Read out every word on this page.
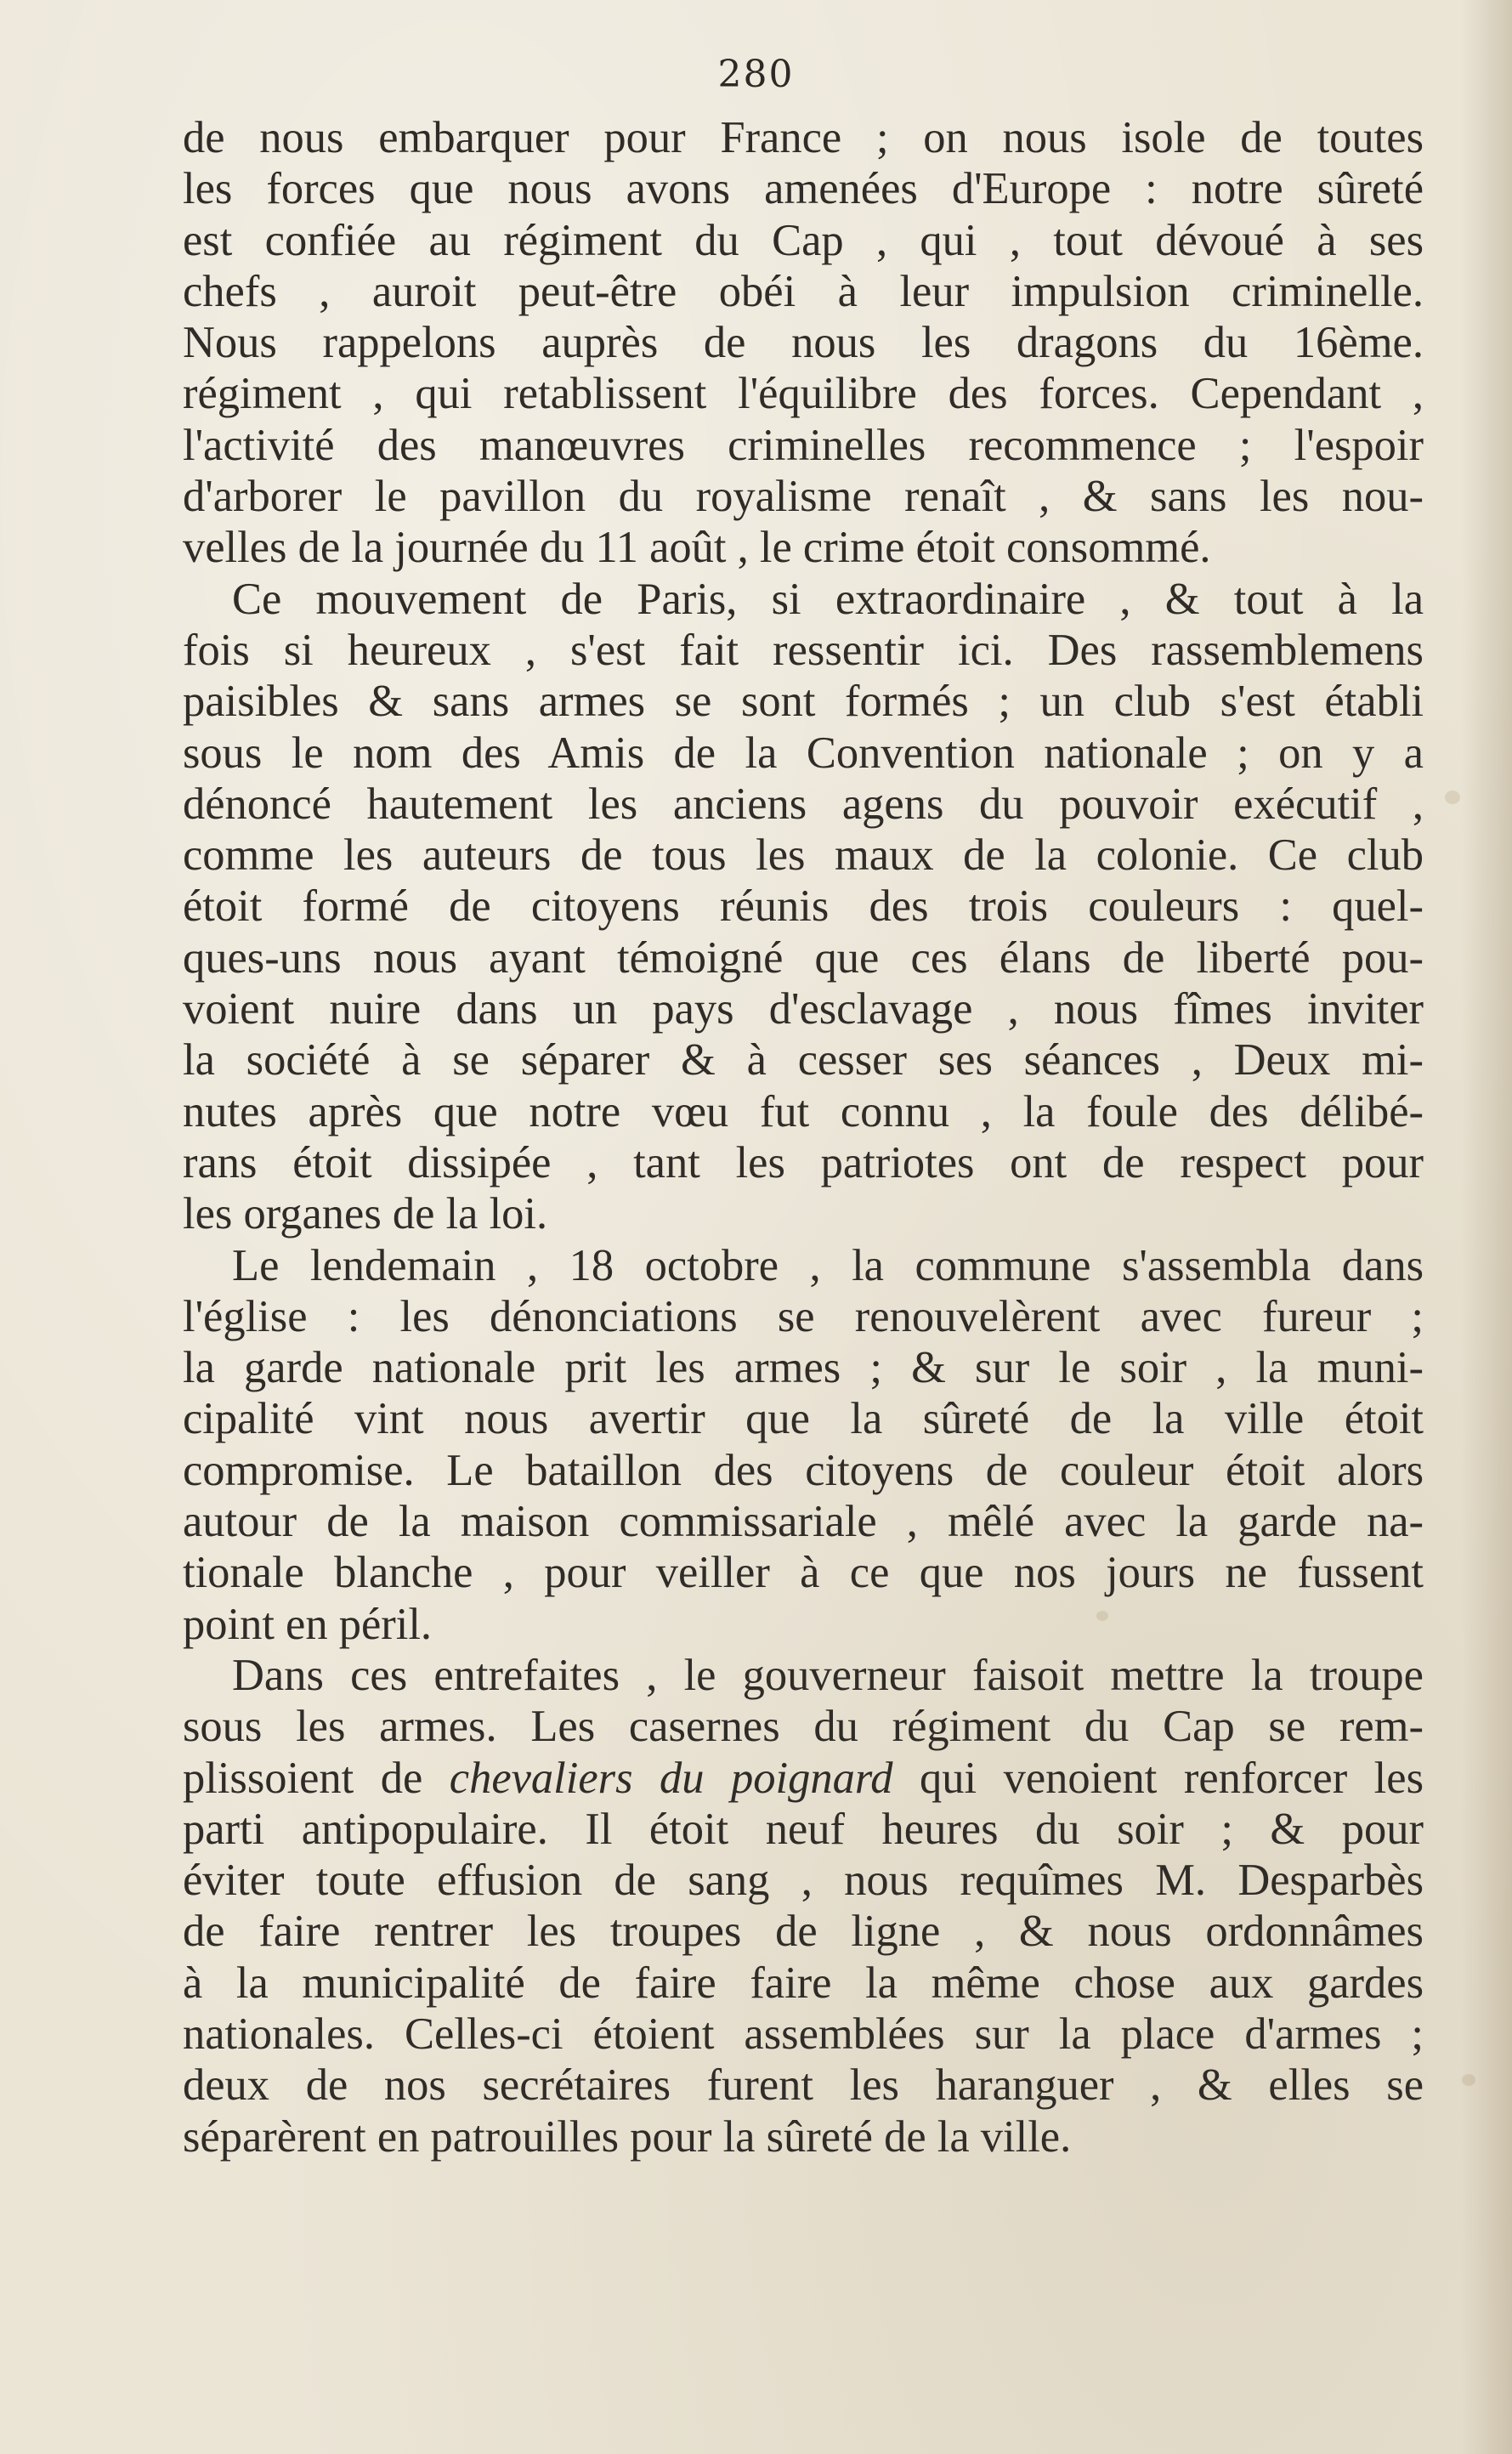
280
de nous embarquer pour France ; on nous isole de toutes
les forces que nous avons amenées d'Europe : notre sûreté
est confiée au régiment du Cap , qui , tout dévoué à ses
chefs , auroit peut-être obéi à leur impulsion criminelle.
Nous rappelons auprès de nous les dragons du 16ème.
régiment , qui retablissent l'équilibre des forces. Cependant ,
l'activité des manœuvres criminelles recommence ; l'espoir
d'arborer le pavillon du royalisme renaît , & sans les nou-
velles de la journée du 11 août , le crime étoit consommé.
Ce mouvement de Paris, si extraordinaire , & tout à la
fois si heureux , s'est fait ressentir ici. Des rassemblemens
paisibles & sans armes se sont formés ; un club s'est établi
sous le nom des Amis de la Convention nationale ; on y a
dénoncé hautement les anciens agens du pouvoir exécutif ,
comme les auteurs de tous les maux de la colonie. Ce club
étoit formé de citoyens réunis des trois couleurs : quel-
ques-uns nous ayant témoigné que ces élans de liberté pou-
voient nuire dans un pays d'esclavage , nous fîmes inviter
la société à se séparer & à cesser ses séances , Deux mi-
nutes après que notre vœu fut connu , la foule des délibé-
rans étoit dissipée , tant les patriotes ont de respect pour
les organes de la loi.
Le lendemain , 18 octobre , la commune s'assembla dans
l'église : les dénonciations se renouvelèrent avec fureur ;
la garde nationale prit les armes ; & sur le soir , la muni-
cipalité vint nous avertir que la sûreté de la ville étoit
compromise. Le bataillon des citoyens de couleur étoit alors
autour de la maison commissariale , mêlé avec la garde na-
tionale blanche , pour veiller à ce que nos jours ne fussent
point en péril.
Dans ces entrefaites , le gouverneur faisoit mettre la troupe
sous les armes. Les casernes du régiment du Cap se rem-
plissoient de chevaliers du poignard qui venoient renforcer les
parti antipopulaire. Il étoit neuf heures du soir ; & pour
éviter toute effusion de sang , nous requîmes M. Desparbès
de faire rentrer les troupes de ligne , & nous ordonnâmes
à la municipalité de faire faire la même chose aux gardes
nationales. Celles-ci étoient assemblées sur la place d'armes ;
deux de nos secrétaires furent les haranguer , & elles se
séparèrent en patrouilles pour la sûreté de la ville.
